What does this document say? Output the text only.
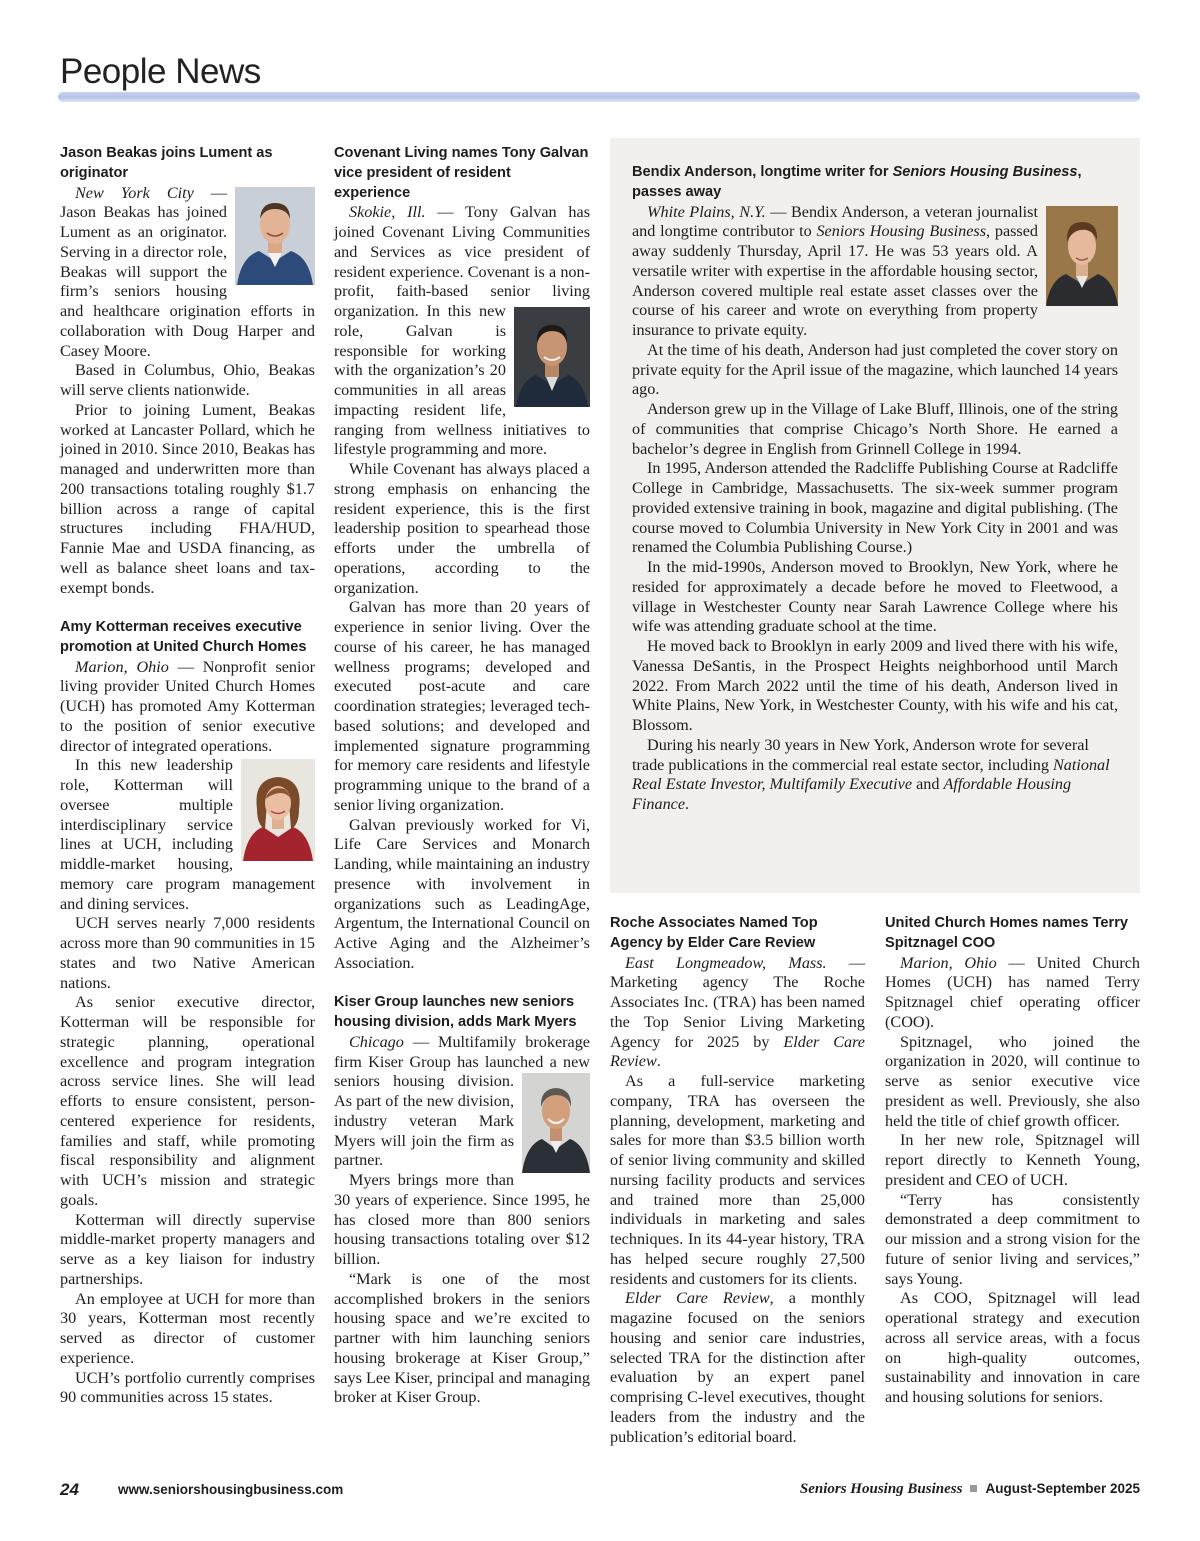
People News
Jason Beakas joins Lument as originator

New York City — Jason Beakas has joined Lument as an originator. Serving in a director role, Beakas will support the firm’s seniors housing and healthcare origination efforts in collaboration with Doug Harper and Casey Moore.

Based in Columbus, Ohio, Beakas will serve clients nationwide.

Prior to joining Lument, Beakas worked at Lancaster Pollard, which he joined in 2010. Since 2010, Beakas has managed and underwritten more than 200 transactions totaling roughly $1.7 billion across a range of capital structures including FHA/HUD, Fannie Mae and USDA financing, as well as balance sheet loans and tax-exempt bonds.

Amy Kotterman receives executive promotion at United Church Homes

Marion, Ohio — Nonprofit senior living provider United Church Homes (UCH) has promoted Amy Kotterman to the position of senior executive director of integrated operations.

In this new leadership role, Kotterman will oversee multiple interdisciplinary service lines at UCH, including middle-market housing, memory care program management and dining services.

UCH serves nearly 7,000 residents across more than 90 communities in 15 states and two Native American nations.

As senior executive director, Kotterman will be responsible for strategic planning, operational excellence and program integration across service lines. She will lead efforts to ensure consistent, person-centered experience for residents, families and staff, while promoting fiscal responsibility and alignment with UCH’s mission and strategic goals.

Kotterman will directly supervise middle-market property managers and serve as a key liaison for industry partnerships.

An employee at UCH for more than 30 years, Kotterman most recently served as director of customer experience.

UCH’s portfolio currently comprises 90 communities across 15 states.

Covenant Living names Tony Galvan vice president of resident experience

Skokie, Ill. — Tony Galvan has joined Covenant Living Communities and Services as vice president of resident experience. Covenant is a non-profit, faith-based senior living organization. In this new role, Galvan is responsible for working with the organization’s 20 communities in all areas impacting resident life, ranging from wellness initiatives to lifestyle programming and more.

While Covenant has always placed a strong emphasis on enhancing the resident experience, this is the first leadership position to spearhead those efforts under the umbrella of operations, according to the organization.

Galvan has more than 20 years of experience in senior living. Over the course of his career, he has managed wellness programs; developed and executed post-acute and care coordination strategies; leveraged tech-based solutions; and developed and implemented signature programming for memory care residents and lifestyle programming unique to the brand of a senior living organization.

Galvan previously worked for Vi, Life Care Services and Monarch Landing, while maintaining an industry presence with involvement in organizations such as LeadingAge, Argentum, the International Council on Active Aging and the Alzheimer’s Association.

Kiser Group launches new seniors housing division, adds Mark Myers

Chicago — Multifamily brokerage firm Kiser Group has launched a new seniors housing division. As part of the new division, industry veteran Mark Myers will join the firm as partner.

Myers brings more than 30 years of experience. Since 1995, he has closed more than 800 seniors housing transactions totaling over $12 billion.

“Mark is one of the most accomplished brokers in the seniors housing space and we’re excited to partner with him launching seniors housing brokerage at Kiser Group,” says Lee Kiser, principal and managing broker at Kiser Group.

Bendix Anderson, longtime writer for Seniors Housing Business, passes away

White Plains, N.Y. — Bendix Anderson, a veteran journalist and longtime contributor to Seniors Housing Business, passed away suddenly Thursday, April 17. He was 53 years old. A versatile writer with expertise in the affordable housing sector, Anderson covered multiple real estate asset classes over the course of his career and wrote on everything from property insurance to private equity.

At the time of his death, Anderson had just completed the cover story on private equity for the April issue of the magazine, which launched 14 years ago.

Anderson grew up in the Village of Lake Bluff, Illinois, one of the string of communities that comprise Chicago’s North Shore. He earned a bachelor’s degree in English from Grinnell College in 1994.

In 1995, Anderson attended the Radcliffe Publishing Course at Radcliffe College in Cambridge, Massachusetts. The six-week summer program provided extensive training in book, magazine and digital publishing. (The course moved to Columbia University in New York City in 2001 and was renamed the Columbia Publishing Course.)

In the mid-1990s, Anderson moved to Brooklyn, New York, where he resided for approximately a decade before he moved to Fleetwood, a village in Westchester County near Sarah Lawrence College where his wife was attending graduate school at the time.

He moved back to Brooklyn in early 2009 and lived there with his wife, Vanessa DeSantis, in the Prospect Heights neighborhood until March 2022. From March 2022 until the time of his death, Anderson lived in White Plains, New York, in Westchester County, with his wife and his cat, Blossom.

During his nearly 30 years in New York, Anderson wrote for several trade publications in the commercial real estate sector, including National Real Estate Investor, Multifamily Executive and Affordable Housing Finance.

Roche Associates Named Top Agency by Elder Care Review

East Longmeadow, Mass. — Marketing agency The Roche Associates Inc. (TRA) has been named the Top Senior Living Marketing Agency for 2025 by Elder Care Review.

As a full-service marketing company, TRA has overseen the planning, development, marketing and sales for more than $3.5 billion worth of senior living community and skilled nursing facility products and services and trained more than 25,000 individuals in marketing and sales techniques. In its 44-year history, TRA has helped secure roughly 27,500 residents and customers for its clients.

Elder Care Review, a monthly magazine focused on the seniors housing and senior care industries, selected TRA for the distinction after evaluation by an expert panel comprising C-level executives, thought leaders from the industry and the publication’s editorial board.

United Church Homes names Terry Spitznagel COO

Marion, Ohio — United Church Homes (UCH) has named Terry Spitznagel chief operating officer (COO).

Spitznagel, who joined the organization in 2020, will continue to serve as senior executive vice president as well. Previously, she also held the title of chief growth officer.

In her new role, Spitznagel will report directly to Kenneth Young, president and CEO of UCH.

“Terry has consistently demonstrated a deep commitment to our mission and a strong vision for the future of senior living and services,” says Young.

As COO, Spitznagel will lead operational strategy and execution across all service areas, with a focus on high-quality outcomes, sustainability and innovation in care and housing solutions for seniors.

24	www.seniorshousingbusiness.com	Seniors Housing Business August-September 2025
